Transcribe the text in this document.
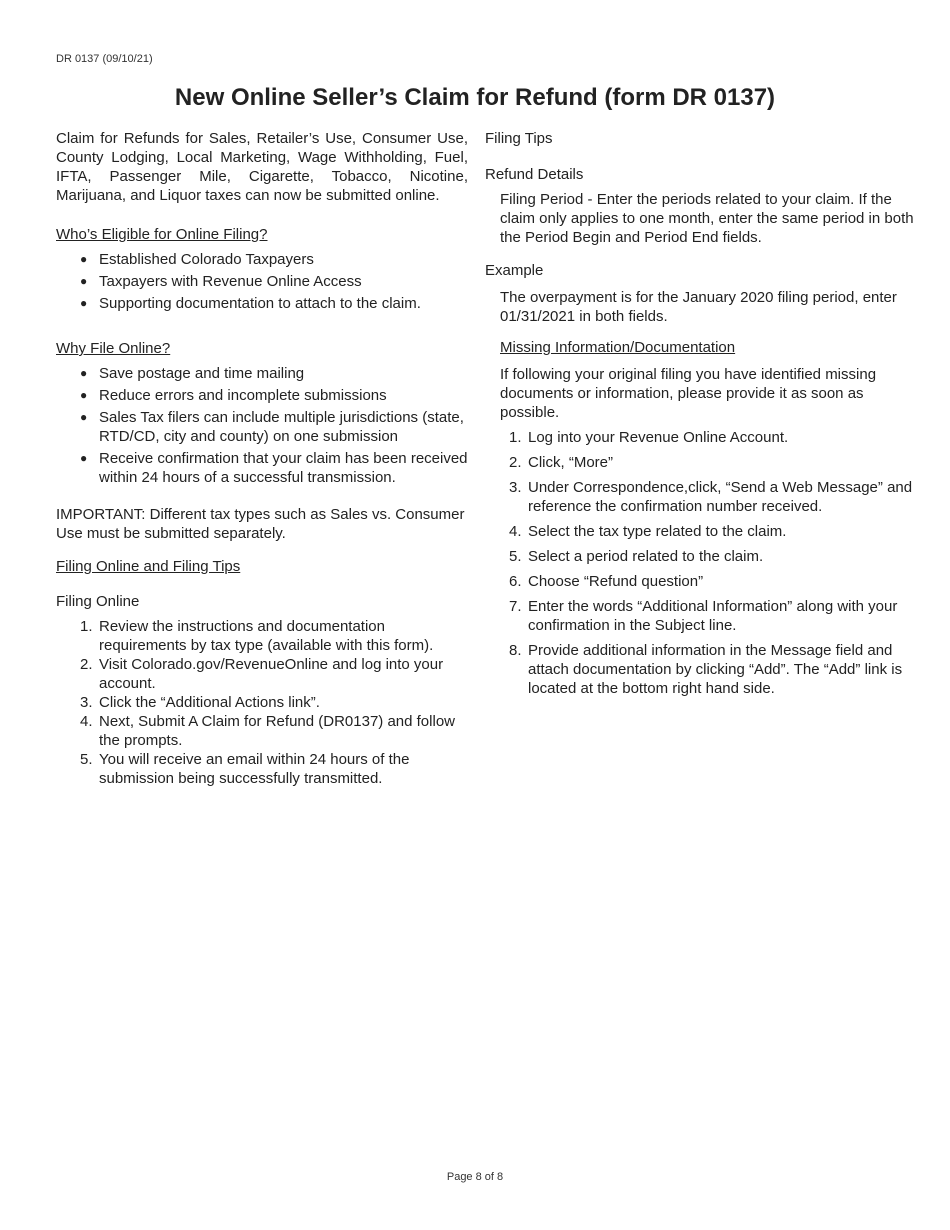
DR 0137 (09/10/21)
New Online Seller’s Claim for Refund (form DR 0137)

Claim for Refunds for Sales, Retailer’s Use, Consumer Use, County Lodging, Local Marketing, Wage Withholding, Fuel, IFTA, Passenger Mile, Cigarette, Tobacco, Nicotine, Marijuana, and Liquor taxes can now be submitted online.

Who’s Eligible for Online Filing?

● Established Colorado Taxpayers
● Taxpayers with Revenue Online Access
● Supporting documentation to attach to the claim.

Why File Online?

● Save postage and time mailing
● Reduce errors and incomplete submissions
● Sales Tax filers can include multiple jurisdictions (state, RTD/CD, city and county) on one submission
● Receive confirmation that your claim has been received within 24 hours of a successful transmission.

IMPORTANT: Different tax types such as Sales vs. Consumer Use must be submitted separately.

Filing Online and Filing Tips

Filing Online

1. Review the instructions and documentation requirements by tax type (available with this form).
2. Visit Colorado.gov/RevenueOnline and log into your account.
3. Click the “Additional Actions link”.
4. Next, Submit A Claim for Refund (DR0137) and follow the prompts.
5. You will receive an email within 24 hours of the submission being successfully transmitted.

Filing Tips

Refund Details

Filing Period - Enter the periods related to your claim. If the claim only applies to one month, enter the same period in both the Period Begin and Period End fields.

Example

The overpayment is for the January 2020 filing period, enter 01/31/2021 in both fields.

Missing Information/Documentation

If following your original filing you have identified missing documents or information, please provide it as soon as possible.

1. Log into your Revenue Online Account.
2. Click, “More”
3. Under Correspondence,click, “Send a Web Message” and reference the confirmation number received.
4. Select the tax type related to the claim.
5. Select a period related to the claim.
6. Choose “Refund question”
7. Enter the words “Additional Information” along with your confirmation in the Subject line.
8. Provide additional information in the Message field and attach documentation by clicking “Add”. The “Add” link is located at the bottom right hand side.
Page 8 of 8
